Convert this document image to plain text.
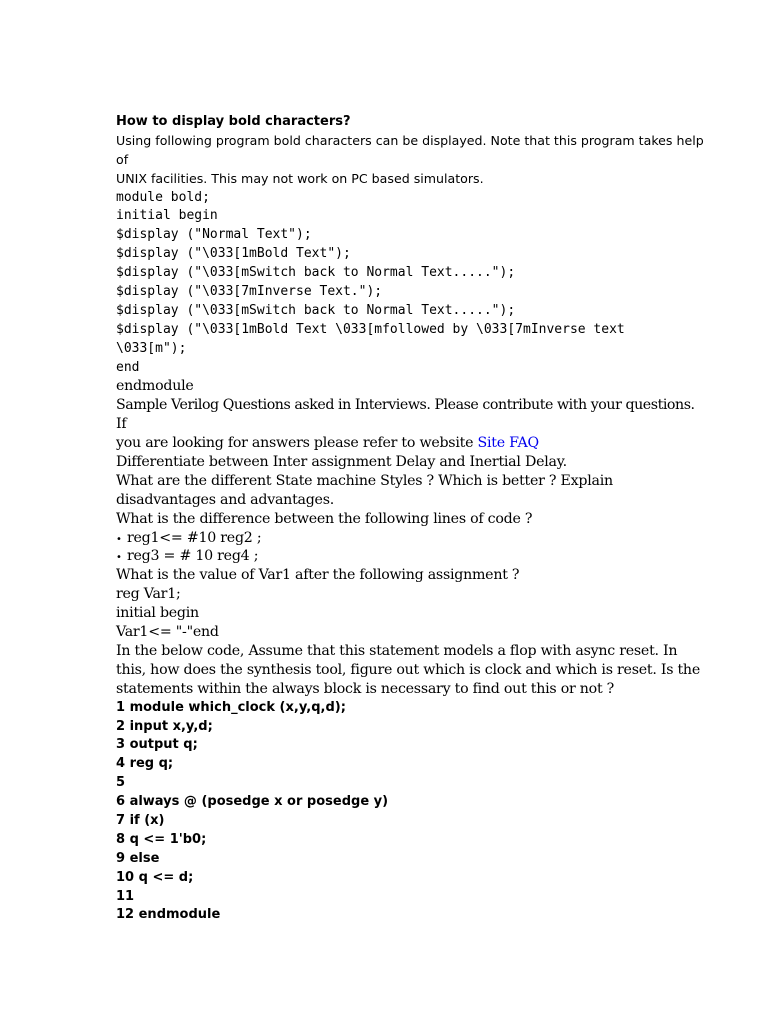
How to display bold characters?
Using following program bold characters can be displayed. Note that this program takes help
of
UNIX facilities. This may not work on PC based simulators.
module bold;
initial begin
$display ("Normal Text");
$display ("\033[1mBold Text");
$display ("\033[mSwitch back to Normal Text.....");
$display ("\033[7mInverse Text.");
$display ("\033[mSwitch back to Normal Text.....");
$display ("\033[1mBold Text \033[mfollowed by \033[7mInverse text
\033[m");
end
endmodule
Sample Verilog Questions asked in Interviews. Please contribute with your questions.
If
you are looking for answers please refer to website Site FAQ
Differentiate between Inter assignment Delay and Inertial Delay.
What are the different State machine Styles ? Which is better ? Explain
disadvantages and advantages.
What is the difference between the following lines of code ?
• reg1<= #10 reg2 ;
• reg3 = # 10 reg4 ;
What is the value of Var1 after the following assignment ?
reg Var1;
initial begin
Var1<= "-"end
In the below code, Assume that this statement models a flop with async reset. In
this, how does the synthesis tool, figure out which is clock and which is reset. Is the
statements within the always block is necessary to find out this or not ?
1 module which_clock (x,y,q,d);
2 input x,y,d;
3 output q;
4 reg q;
5
6 always @ (posedge x or posedge y)
7 if (x)
8 q <= 1'b0;
9 else
10 q <= d;
11
12 endmodule
